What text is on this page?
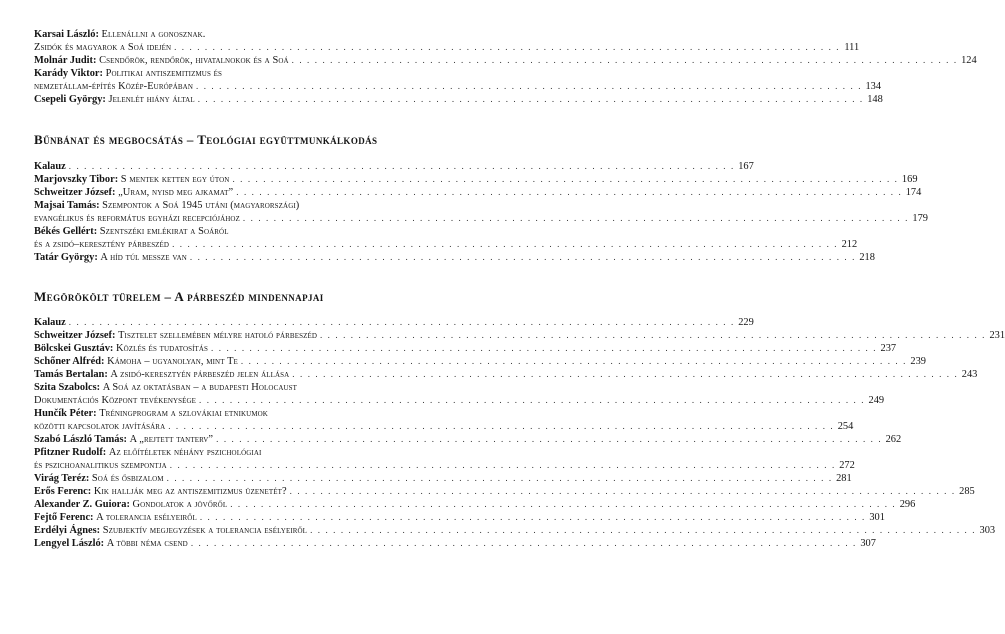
Karsai László: Ellenállni a gonosznak.
Zsidók és magyarok a Soá idején . . .	111
Molnár Judit: Csendőrök, rendőrök, hivatalnokok és a Soá . . .	124
Karády Viktor: Politikai antiszemitizmus és
nemzetállam-építés Közép-Európában . . .	134
Csepeli György: Jelenlét hiány által . . .	148
Bűnbánat és megbocsátás – Teológiai együttmunkálkodás
Kalauz . . .	167
Marjovszky Tibor: S mentek ketten egy úton . . .	169
Schweitzer József: „Uram, nyisd meg ajkamat” . . .	174
Majsai Tamás: Szempontok a Soá 1945 utáni (magyarországi)
evangélikus és református egyházi recepciójához . . .	179
Békés Gellért: Szentszéki emlékirat a Soáról
és a zsidó–keresztény párbeszéd . . .	212
Tatár György: A híd túl messze van . . .	218
Megörökölt türelem – A párbeszéd mindennapjai
Kalauz . . .	229
Schweitzer József: Tisztelet szellemében mélyre hatoló párbeszéd . . .	231
Bölcskei Gusztáv: Közlés és tudatosítás . . .	237
Schőner Alfréd: Kámoha – ugyanolyan, mint Te . . .	239
Tamás Bertalan: A zsidó-keresztyén párbeszéd jelen állása . . .	243
Szita Szabolcs: A Soá az oktatásban – a budapesti Holocaust
Dokumentációs Központ tevékenysége . . .	249
Hunčík Péter: Tréningprogram a szlovákiai etnikumok
közötti kapcsolatok javítására . . .	254
Szabó László Tamás: A „rejtett tanterv” . . .	262
Pfitzner Rudolf: Az előítéletek néhány pszichológiai
és pszichoanalitikus szempontja . . .	272
Virág Teréz: Soá és ősbizalom . . .	281
Erős Ferenc: Kik hallják meg az antiszemitizmus üzenetét? . . .	285
Alexander Z. Guiora: Gondolatok a jövőről . . .	296
Fejtő Ferenc: A tolerancia esélyeiről . . .	301
Erdélyi Ágnes: Szubjektív megjegyzések a tolerancia esélyeiről . . .	303
Lengyel László: A többi néma csend . . .	307
